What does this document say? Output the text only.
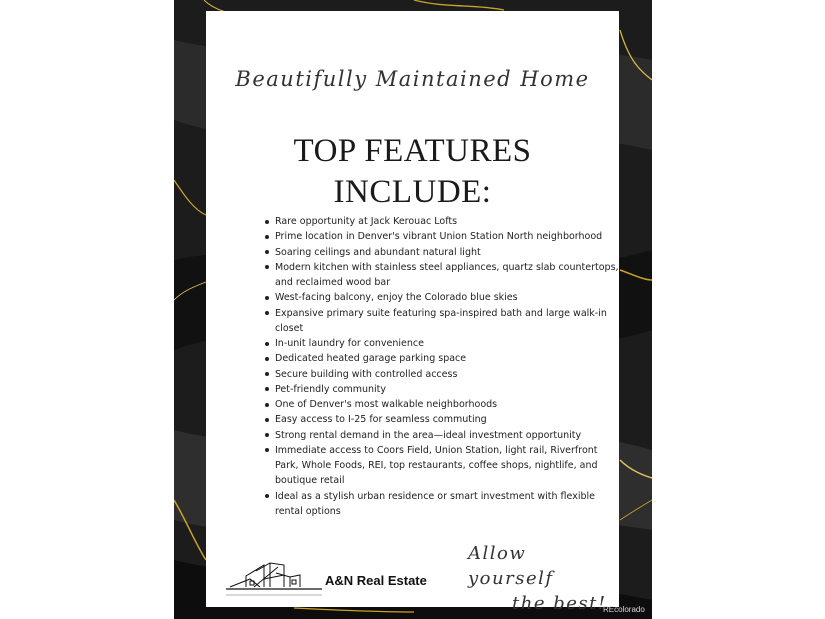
Beautifully Maintained Home
TOP FEATURES
INCLUDE:
Rare opportunity at Jack Kerouac Lofts
Prime location in Denver's vibrant Union Station North neighborhood
Soaring ceilings and abundant natural light
Modern kitchen with stainless steel appliances, quartz slab countertops, and reclaimed wood bar
West-facing balcony, enjoy the Colorado blue skies
Expansive primary suite featuring spa-inspired bath and large walk-in closet
In-unit laundry for convenience
Dedicated heated garage parking space
Secure building with controlled access
Pet-friendly community
One of Denver's most walkable neighborhoods
Easy access to I-25 for seamless commuting
Strong rental demand in the area—ideal investment opportunity
Immediate access to Coors Field, Union Station, light rail, Riverfront Park, Whole Foods, REI, top restaurants, coffee shops, nightlife, and boutique retail
Ideal as a stylish urban residence or smart investment with flexible rental options
A&N Real Estate
Allow yourself
the best!
REcolorado
